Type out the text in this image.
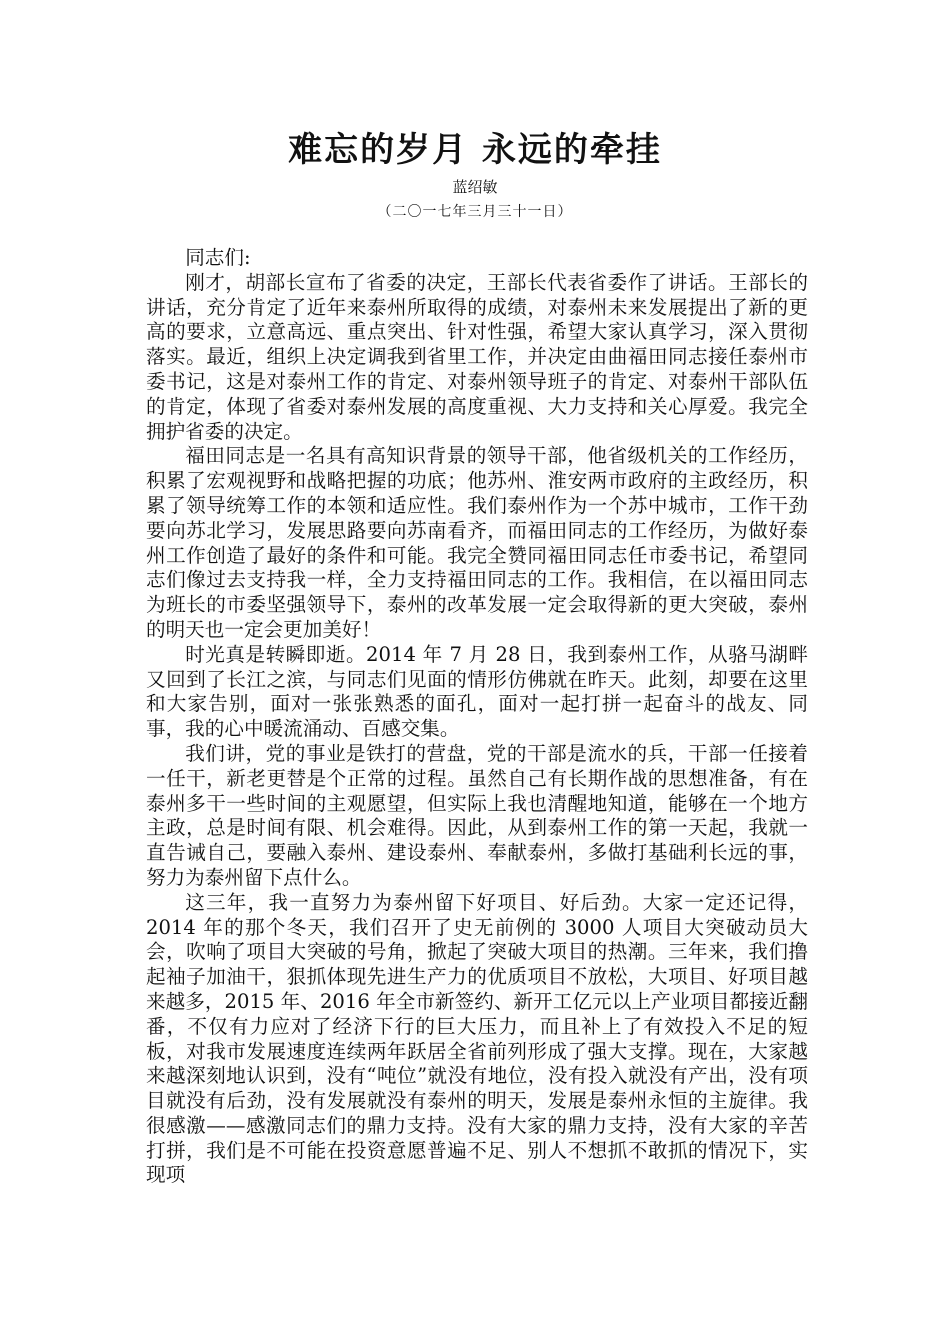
难忘的岁月 永远的牵挂
蓝绍敏
（二〇一七年三月三十一日）

同志们:

刚才，胡部长宣布了省委的决定，王部长代表省委作了讲话。王部长的讲话，充分肯定了近年来泰州所取得的成绩，对泰州未来发展提出了新的更高的要求，立意高远、重点突出、针对性强，希望大家认真学习，深入贯彻落实。最近，组织上决定调我到省里工作，并决定由曲福田同志接任泰州市委书记，这是对泰州工作的肯定、对泰州领导班子的肯定、对泰州干部队伍的肯定，体现了省委对泰州发展的高度重视、大力支持和关心厚爱。我完全拥护省委的决定。

福田同志是一名具有高知识背景的领导干部，他省级机关的工作经历，积累了宏观视野和战略把握的功底；他苏州、淮安两市政府的主政经历，积累了领导统筹工作的本领和适应性。我们泰州作为一个苏中城市，工作干劲要向苏北学习，发展思路要向苏南看齐，而福田同志的工作经历，为做好泰州工作创造了最好的条件和可能。我完全赞同福田同志任市委书记，希望同志们像过去支持我一样，全力支持福田同志的工作。我相信，在以福田同志为班长的市委坚强领导下，泰州的改革发展一定会取得新的更大突破，泰州的明天也一定会更加美好！

时光真是转瞬即逝。2014 年 7 月 28 日，我到泰州工作，从骆马湖畔又回到了长江之滨，与同志们见面的情形仿佛就在昨天。此刻，却要在这里和大家告别，面对一张张熟悉的面孔，面对一起打拼一起奋斗的战友、同事，我的心中暖流涌动、百感交集。

我们讲，党的事业是铁打的营盘，党的干部是流水的兵，干部一任接着一任干，新老更替是个正常的过程。虽然自己有长期作战的思想准备，有在泰州多干一些时间的主观愿望，但实际上我也清醒地知道，能够在一个地方主政，总是时间有限、机会难得。因此，从到泰州工作的第一天起，我就一直告诫自己，要融入泰州、建设泰州、奉献泰州，多做打基础利长远的事，努力为泰州留下点什么。

这三年，我一直努力为泰州留下好项目、好后劲。大家一定还记得，2014 年的那个冬天，我们召开了史无前例的 3000 人项目大突破动员大会，吹响了项目大突破的号角，掀起了突破大项目的热潮。三年来，我们撸起袖子加油干，狠抓体现先进生产力的优质项目不放松，大项目、好项目越来越多，2015 年、2016 年全市新签约、新开工亿元以上产业项目都接近翻番，不仅有力应对了经济下行的巨大压力，而且补上了有效投入不足的短板，对我市发展速度连续两年跃居全省前列形成了强大支撑。现在，大家越来越深刻地认识到，没有“吨位”就没有地位，没有投入就没有产出，没有项目就没有后劲，没有发展就没有泰州的明天，发展是泰州永恒的主旋律。我很感激——感激同志们的鼎力支持。没有大家的鼎力支持，没有大家的辛苦打拼，我们是不可能在投资意愿普遍不足、别人不想抓不敢抓的情况下，实现项
